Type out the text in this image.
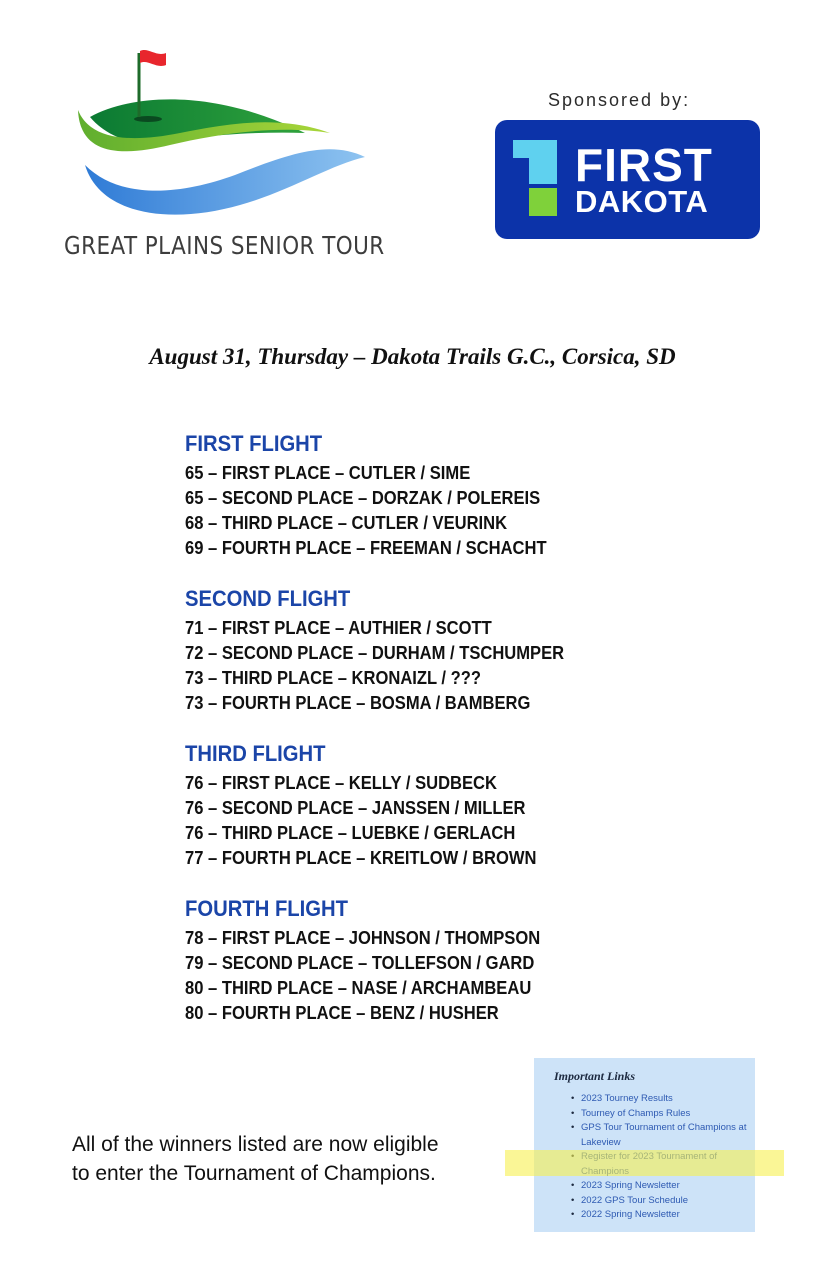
GREAT PLAINS SENIOR TOUR
Sponsored by:
FIRST
DAKOTA
August 31, Thursday – Dakota Trails G.C., Corsica, SD
FIRST FLIGHT
65 – FIRST PLACE – CUTLER / SIME
65 – SECOND PLACE – DORZAK / POLEREIS
68 – THIRD PLACE – CUTLER / VEURINK
69 – FOURTH PLACE – FREEMAN / SCHACHT
SECOND FLIGHT
71 – FIRST PLACE – AUTHIER / SCOTT
72 – SECOND PLACE – DURHAM / TSCHUMPER
73 – THIRD PLACE – KRONAIZL / ???
73 – FOURTH PLACE – BOSMA / BAMBERG
THIRD FLIGHT
76 – FIRST PLACE – KELLY / SUDBECK
76 – SECOND PLACE – JANSSEN / MILLER
76 – THIRD PLACE – LUEBKE / GERLACH
77 – FOURTH PLACE – KREITLOW / BROWN
FOURTH FLIGHT
78 – FIRST PLACE – JOHNSON / THOMPSON
79 – SECOND PLACE – TOLLEFSON / GARD
80 – THIRD PLACE – NASE / ARCHAMBEAU
80 – FOURTH PLACE – BENZ / HUSHER
All of the winners listed are now eligible
to enter the Tournament of Champions.
Important Links
• 2023 Tourney Results
• Tourney of Champs Rules
• GPS Tour Tournament of Champions at Lakeview
•
• 2023 Spring Newsletter
• 2022 GPS Tour Schedule
• 2022 Spring Newsletter
